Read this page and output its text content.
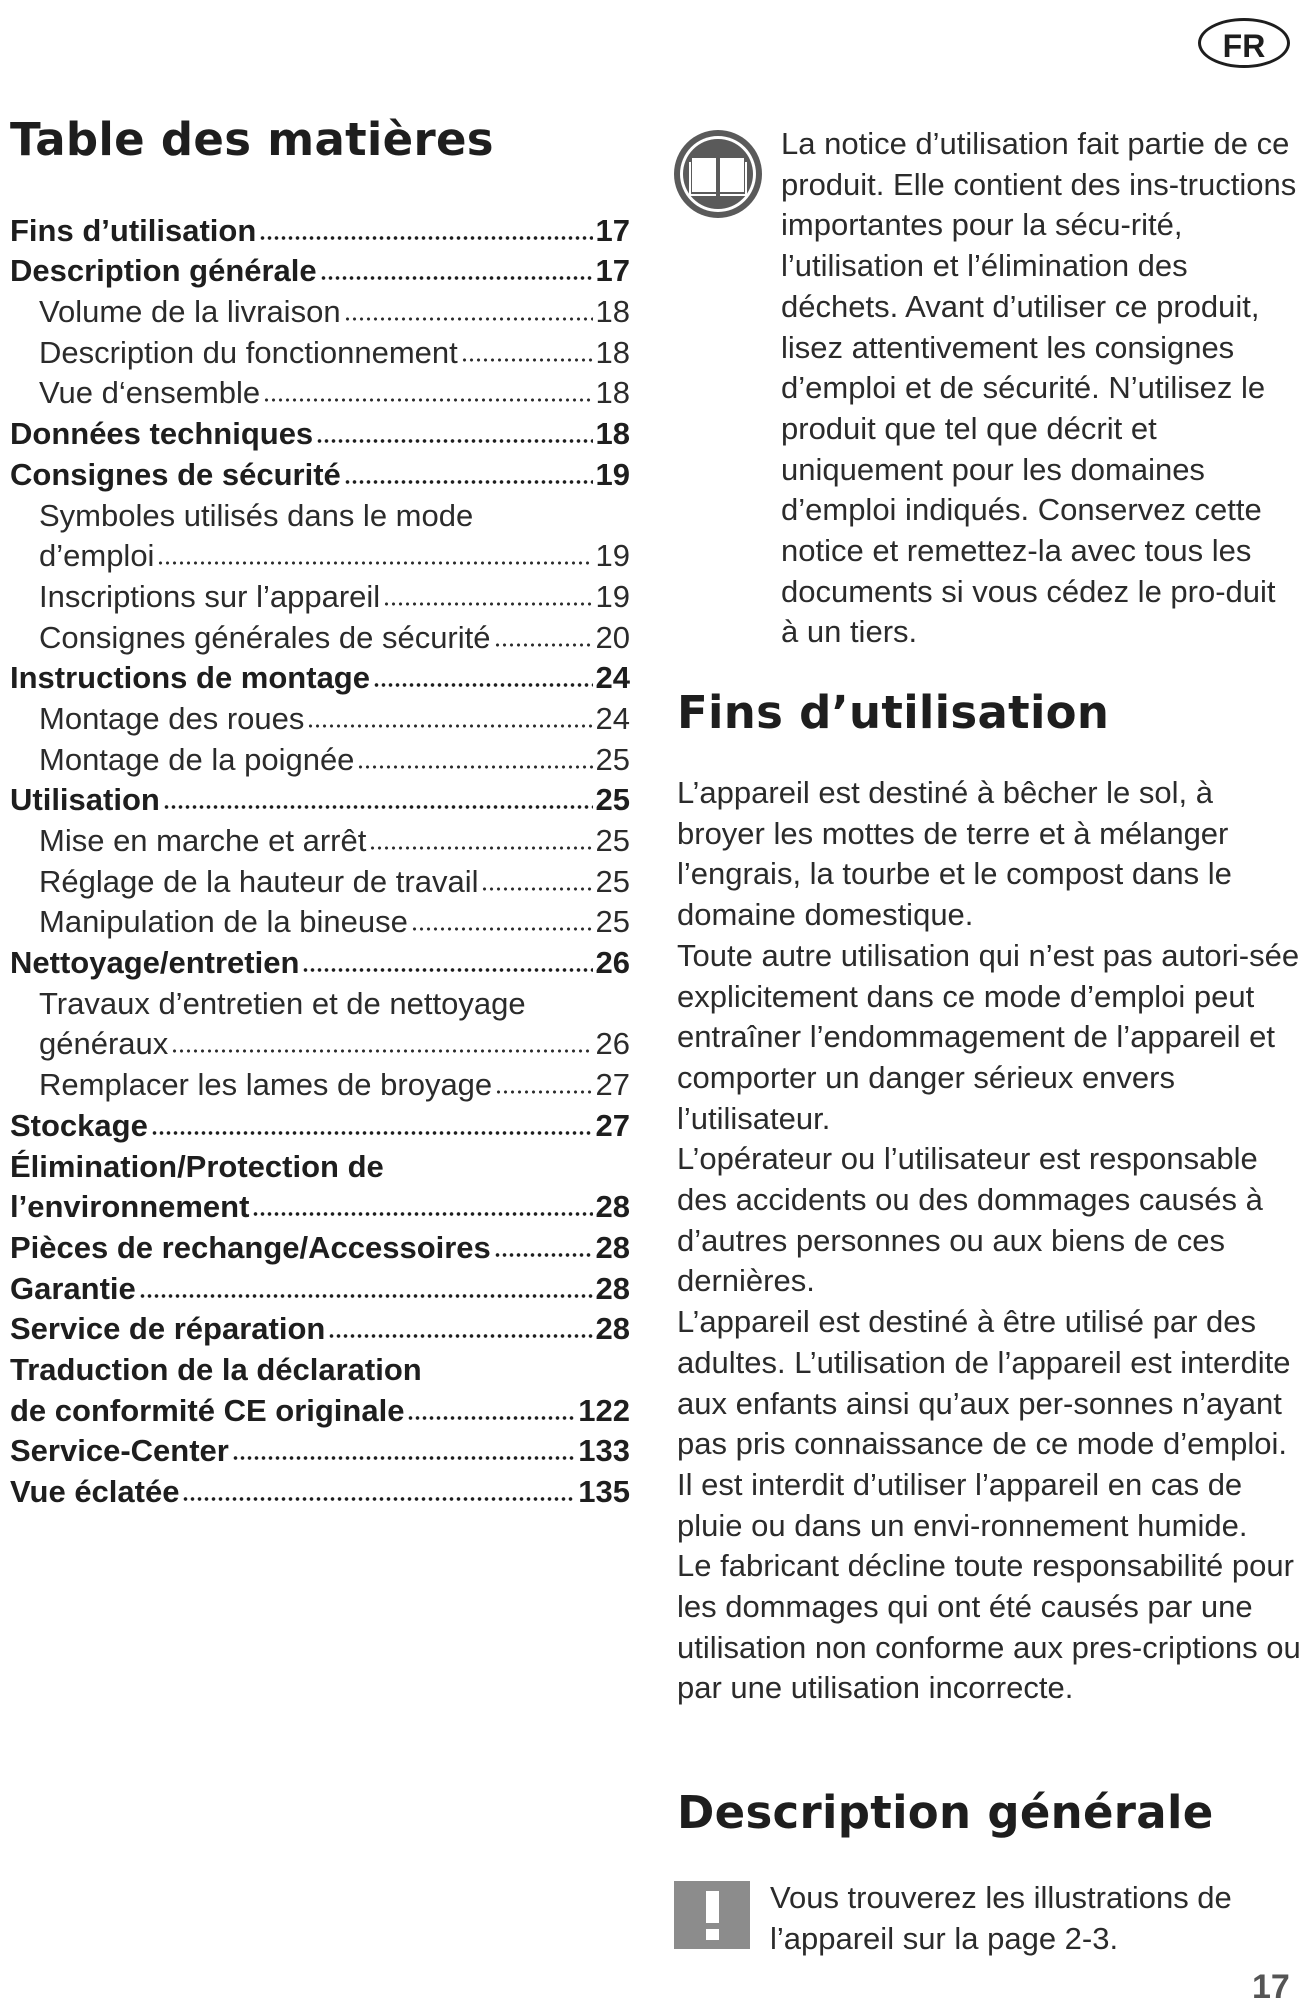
FR
Table des matières
Fins d’utilisation	17
Description générale	17
Volume de la livraison	18
Description du fonctionnement	18
Vue d‘ensemble	18
Données techniques	18
Consignes de sécurité	19
Symboles utilisés dans le mode
d’emploi	19
Inscriptions sur l’appareil	19
Consignes générales de sécurité	20
Instructions de montage	24
Montage des roues	24
Montage de la poignée	25
Utilisation	25
Mise en marche et arrêt	25
Réglage de la hauteur de travail	25
Manipulation de la bineuse	25
Nettoyage/entretien	26
Travaux d’entretien et de nettoyage
généraux	26
Remplacer les lames de broyage	27
Stockage	27
Élimination/Protection de
l’environnement	28
Pièces de rechange/Accessoires	28
Garantie	28
Service de réparation	28
Traduction de la déclaration
de conformité CE originale	122
Service-Center	133
Vue éclatée	135

La notice d’utilisation fait partie de ce produit. Elle contient des ins-tructions importantes pour la sécu-rité, l’utilisation et l’élimination des déchets. Avant d’utiliser ce produit, lisez attentivement les consignes d’emploi et de sécurité. N’utilisez le produit que tel que décrit et uniquement pour les domaines d’emploi indiqués. Conservez cette notice et remettez-la avec tous les documents si vous cédez le pro-duit à un tiers.

Fins d’utilisation
L’appareil est destiné à bêcher le sol, à broyer les mottes de terre et à mélanger l’engrais, la tourbe et le compost dans le domaine domestique.
Toute autre utilisation qui n’est pas autori-sée explicitement dans ce mode d’emploi peut entraîner l’endommagement de l’appareil et comporter un danger sérieux envers l’utilisateur.
L’opérateur ou l’utilisateur est responsable des accidents ou des dommages causés à d’autres personnes ou aux biens de ces dernières.
L’appareil est destiné à être utilisé par des adultes. L’utilisation de l’appareil est interdite aux enfants ainsi qu’aux per-sonnes n’ayant pas pris connaissance de ce mode d’emploi. Il est interdit d’utiliser l’appareil en cas de pluie ou dans un envi-ronnement humide.
Le fabricant décline toute responsabilité pour les dommages qui ont été causés par une utilisation non conforme aux pres-criptions ou par une utilisation incorrecte.
Description générale

Vous trouverez les illustrations de l’appareil sur la page 2-3.

17
